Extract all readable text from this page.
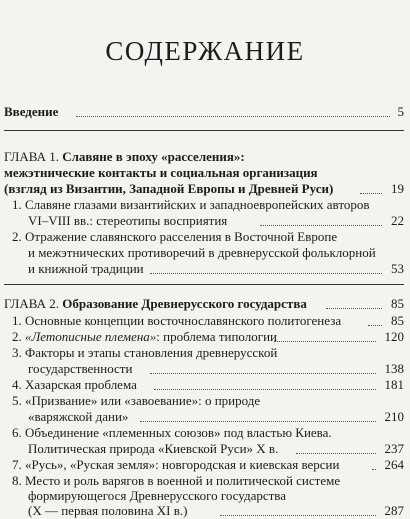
СОДЕРЖАНИЕ
Введение	5
ГЛАВА 1. Славяне в эпоху «расселения»:
межэтнические контакты и социальная организация
(взгляд из Византии, Западной Европы и Древней Руси)	19
1. Славяне глазами византийских и западноевропейских авторов
VI–VIII вв.: стереотипы восприятия	22
2. Отражение славянского расселения в Восточной Европе
и межэтнических противоречий в древнерусской фольклорной
и книжной традиции	53
ГЛАВА 2. Образование Древнерусского государства	85
1. Основные концепции восточнославянского политогенеза	85
2. «Летописные племена»: проблема типологии	120
3. Факторы и этапы становления древнерусской
государственности	138
4. Хазарская проблема	181
5. «Призвание» или «завоевание»: о природе
«варяжской дани»	210
6. Объединение «племенных союзов» под властью Киева.
Политическая природа «Киевской Руси» X в.	237
7. «Русь», «Руская земля»: новгородская и киевская версии	264
8. Место и роль варягов в военной и политической системе
формирующегося Древнерусского государства
(X — первая половина XI в.)	287
